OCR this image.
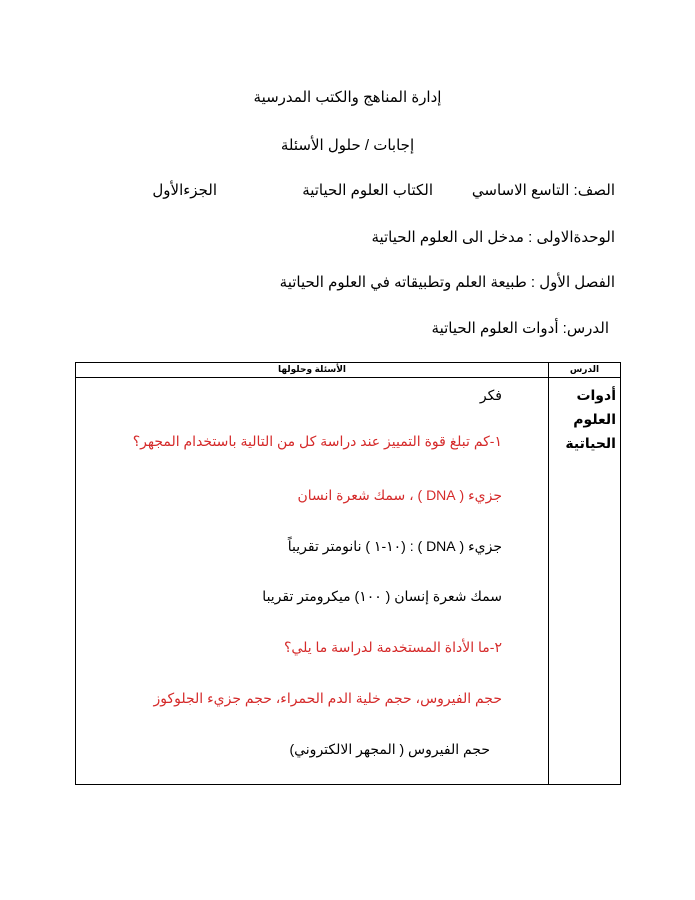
إدارة المناهج والكتب المدرسية
إجابات / حلول الأسئلة
الصف: التاسع الاساسي
الكتاب العلوم الحياتية
الجزءالأول
الوحدةالاولى : مدخل الى العلوم الحياتية
الفصل الأول : طبيعة العلم وتطبيقاته في العلوم الحياتية
الدرس: أدوات العلوم الحياتية
الأسئلة وحلولها	الدرس
أدوات العلوم الحياتية
فكر
١-كم تبلغ قوة التمييز عند دراسة كل من التالية باستخدام المجهر؟
جزيء ( DNA ) ، سمك شعرة انسان
جزيء ( DNA ) : (١٠-١ ) نانومتر تقريباً
سمك شعرة إنسان ( ١٠٠) ميكرومتر تقريبا
٢-ما الأداة المستخدمة لدراسة ما يلي؟
حجم الفيروس، حجم خلية الدم الحمراء، حجم جزيء الجلوكوز
حجم الفيروس ( المجهر الالكتروني)
